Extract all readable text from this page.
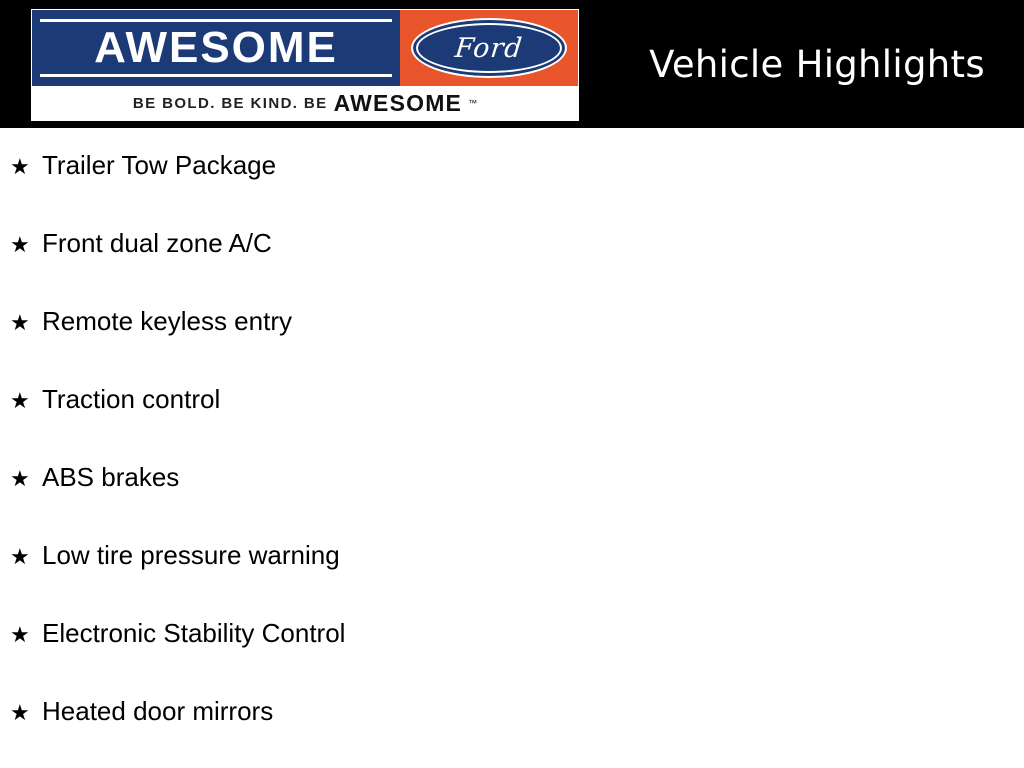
AWESOME	Ford
BE BOLD. BE KIND. BE AWESOME ™
Vehicle Highlights
★ Trailer Tow Package
★ Front dual zone A/C
★ Remote keyless entry
★ Traction control
★ ABS brakes
★ Low tire pressure warning
★ Electronic Stability Control
★ Heated door mirrors
